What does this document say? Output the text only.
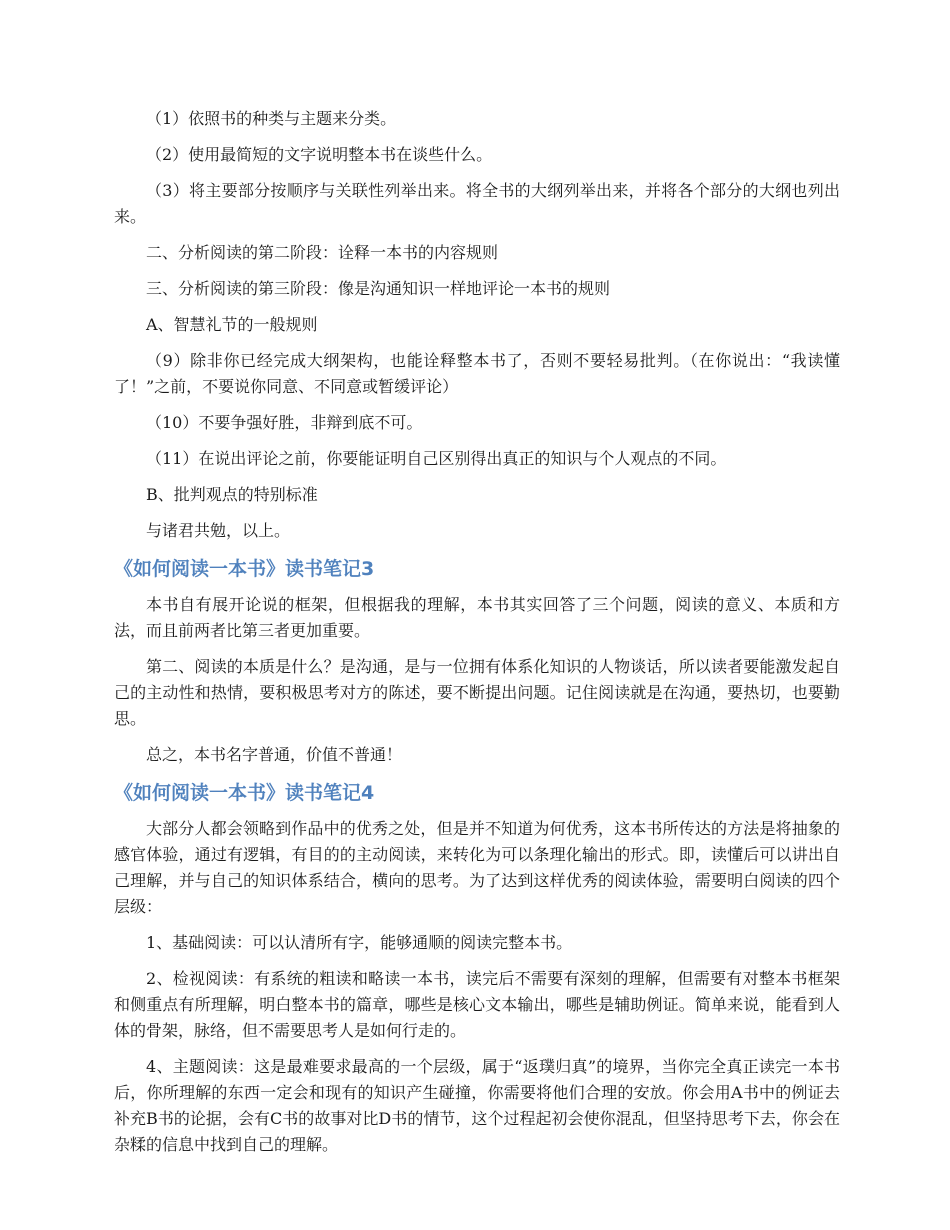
（1）依照书的种类与主题来分类。

（2）使用最简短的文字说明整本书在谈些什么。

（3）将主要部分按顺序与关联性列举出来。将全书的大纲列举出来，并将各个部分的大纲也列出来。

二、分析阅读的第二阶段：诠释一本书的内容规则

三、分析阅读的第三阶段：像是沟通知识一样地评论一本书的规则

A、智慧礼节的一般规则

（9）除非你已经完成大纲架构，也能诠释整本书了，否则不要轻易批判。（在你说出：“我读懂了！”之前，不要说你同意、不同意或暂缓评论）

（10）不要争强好胜，非辩到底不可。

（11）在说出评论之前，你要能证明自己区别得出真正的知识与个人观点的不同。

B、批判观点的特别标准

与诸君共勉，以上。

《如何阅读一本书》读书笔记3

本书自有展开论说的框架，但根据我的理解，本书其实回答了三个问题，阅读的意义、本质和方法，而且前两者比第三者更加重要。

第二、阅读的本质是什么？是沟通，是与一位拥有体系化知识的人物谈话，所以读者要能激发起自己的主动性和热情，要积极思考对方的陈述，要不断提出问题。记住阅读就是在沟通，要热切，也要勤思。

总之，本书名字普通，价值不普通！

《如何阅读一本书》读书笔记4

大部分人都会领略到作品中的优秀之处，但是并不知道为何优秀，这本书所传达的方法是将抽象的感官体验，通过有逻辑，有目的的主动阅读，来转化为可以条理化输出的形式。即，读懂后可以讲出自己理解，并与自己的知识体系结合，横向的思考。为了达到这样优秀的阅读体验，需要明白阅读的四个层级：

1、基础阅读：可以认清所有字，能够通顺的阅读完整本书。

2、检视阅读：有系统的粗读和略读一本书，读完后不需要有深刻的理解，但需要有对整本书框架和侧重点有所理解，明白整本书的篇章，哪些是核心文本输出，哪些是辅助例证。简单来说，能看到人体的骨架，脉络，但不需要思考人是如何行走的。

4、主题阅读：这是最难要求最高的一个层级，属于“返璞归真”的境界，当你完全真正读完一本书后，你所理解的东西一定会和现有的知识产生碰撞，你需要将他们合理的安放。你会用A书中的例证去补充B书的论据，会有C书的故事对比D书的情节，这个过程起初会使你混乱，但坚持思考下去，你会在杂糅的信息中找到自己的理解。
